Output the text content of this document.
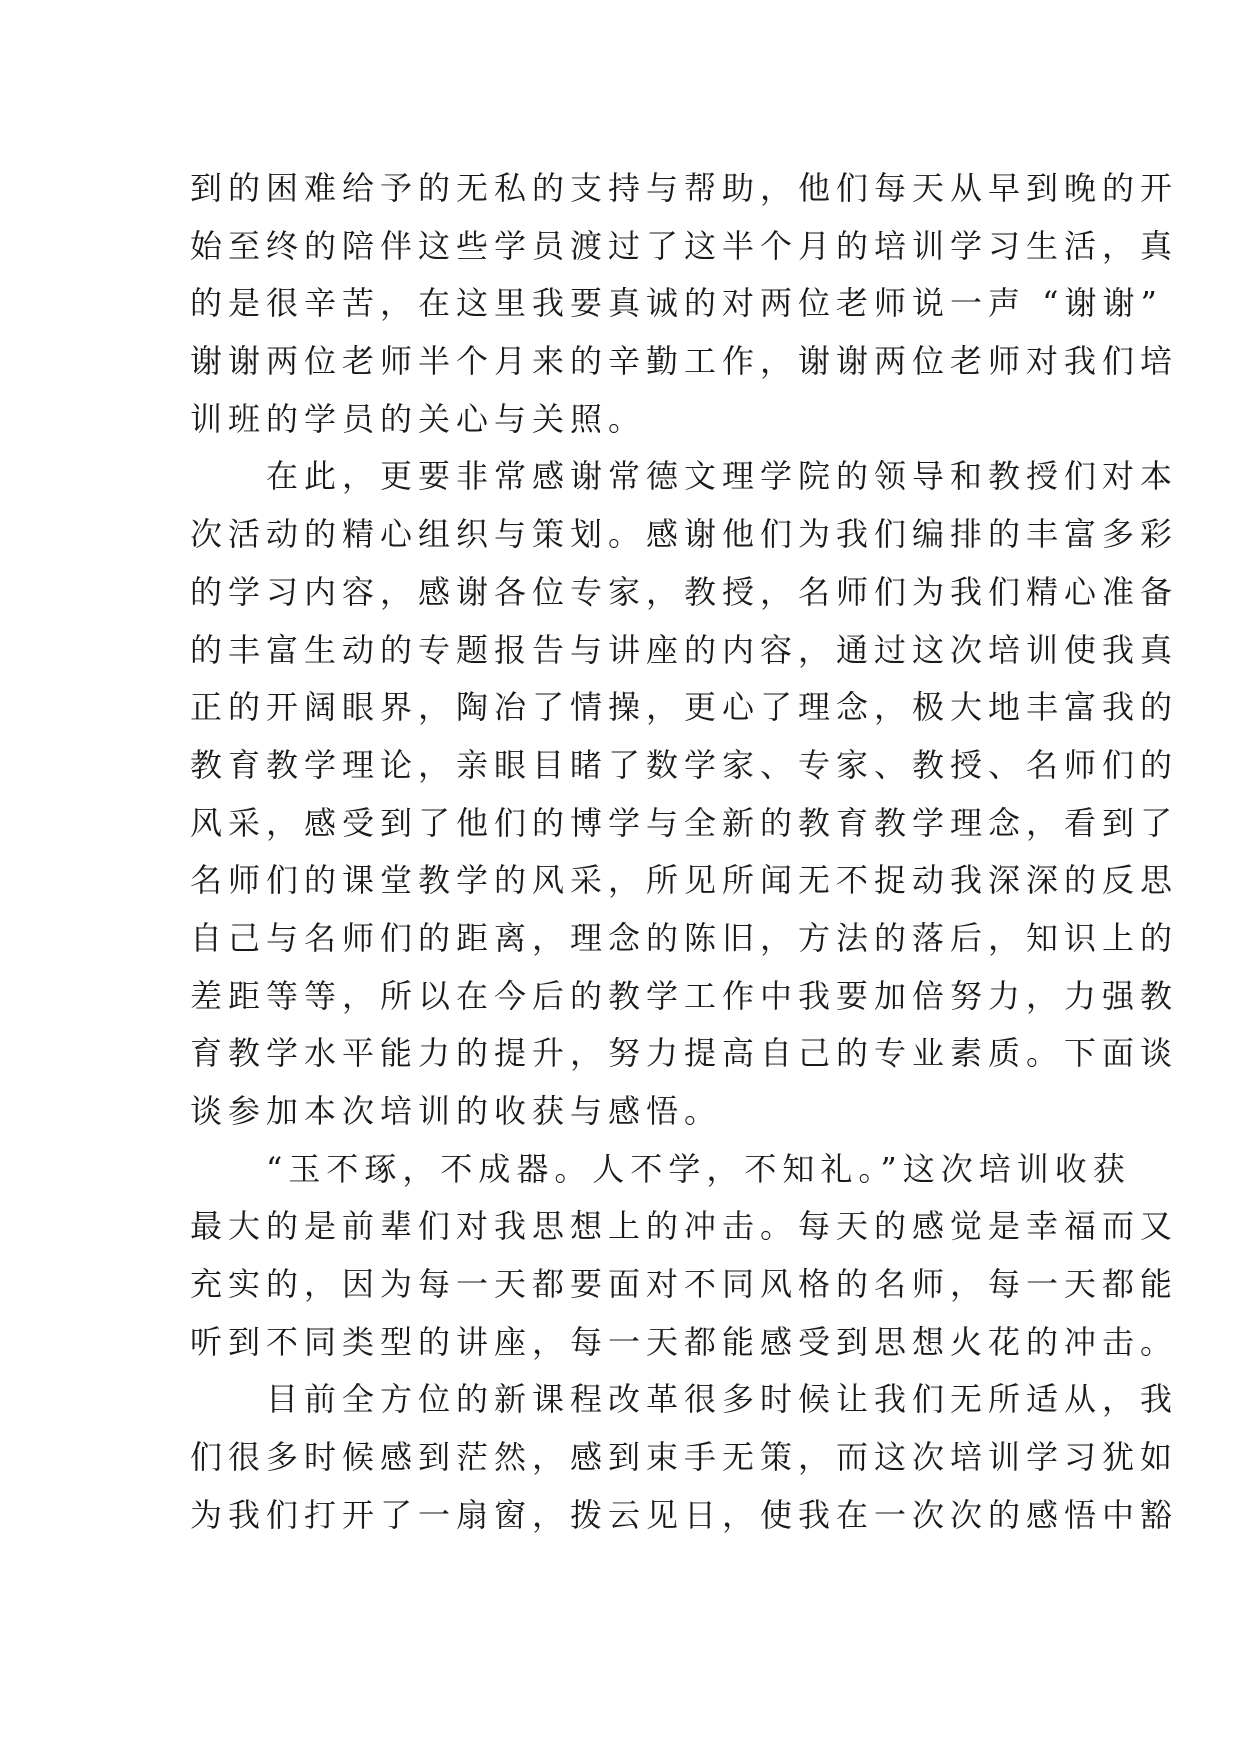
到的困难给予的无私的支持与帮助，他们每天从早到晚的开
始至终的陪伴这些学员渡过了这半个月的培训学习生活，真
的是很辛苦，在这里我要真诚的对两位老师说一声 “谢谢”
谢谢两位老师半个月来的辛勤工作，谢谢两位老师对我们培
训班的学员的关心与关照。
　　在此，更要非常感谢常德文理学院的领导和教授们对本
次活动的精心组织与策划。感谢他们为我们编排的丰富多彩
的学习内容，感谢各位专家，教授，名师们为我们精心准备
的丰富生动的专题报告与讲座的内容，通过这次培训使我真
正的开阔眼界，陶冶了情操，更心了理念，极大地丰富我的
教育教学理论，亲眼目睹了数学家、专家、教授、名师们的
风采，感受到了他们的博学与全新的教育教学理念，看到了
名师们的课堂教学的风采，所见所闻无不捉动我深深的反思
自己与名师们的距离，理念的陈旧，方法的落后，知识上的
差距等等，所以在今后的教学工作中我要加倍努力，力强教
育教学水平能力的提升，努力提高自己的专业素质。下面谈
谈参加本次培训的收获与感悟。
　　“玉不琢，不成器。人不学，不知礼。”这次培训收获
最大的是前辈们对我思想上的冲击。每天的感觉是幸福而又
充实的，因为每一天都要面对不同风格的名师，每一天都能
听到不同类型的讲座，每一天都能感受到思想火花的冲击。
　　目前全方位的新课程改革很多时候让我们无所适从，我
们很多时候感到茫然，感到束手无策，而这次培训学习犹如
为我们打开了一扇窗，拨云见日，使我在一次次的感悟中豁
